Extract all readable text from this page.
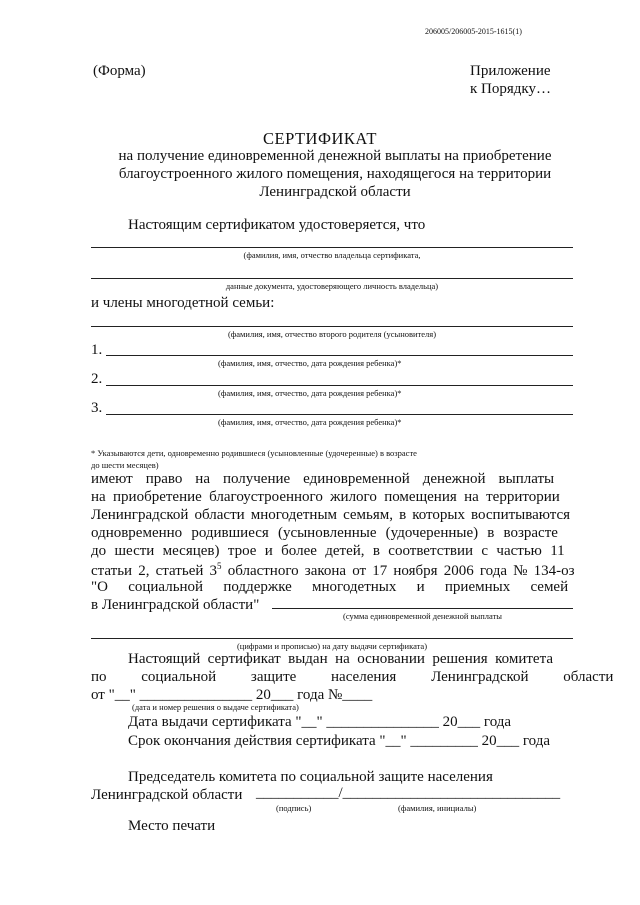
206005/206005-2015-1615(1)
(Форма)	Приложение
к Порядку…
СЕРТИФИКАТ
на получение единовременной денежной выплаты на приобретение
благоустроенного жилого помещения, находящегося на территории
Ленинградской области
Настоящим сертификатом удостоверяется, что
(фамилия, имя, отчество владельца сертификата,
данные документа, удостоверяющего личность владельца)
и члены многодетной семьи:
(фамилия, имя, отчество второго родителя (усыновителя)
1.
(фамилия, имя, отчество, дата рождения ребенка)*
2.
(фамилия, имя, отчество, дата рождения ребенка)*
3.
(фамилия, имя, отчество, дата рождения ребенка)*
* Указываются дети, одновременно родившиеся (усыновленные (удочеренные) в возрасте
до шести месяцев)
имеют право на получение единовременной денежной выплаты
на приобретение благоустроенного жилого помещения на территории
Ленинградской области многодетным семьям, в которых воспитываются
одновременно родившиеся (усыновленные (удочеренные) в возрасте
до шести месяцев) трое и более детей, в соответствии с частью 11
статьи 2, статьей $3^5$ областного закона от 17 ноября 2006 года № 134-оз
"О социальной поддержке многодетных и приемных семей
в Ленинградской области"
(сумма единовременной денежной выплаты
(цифрами и прописью) на дату выдачи сертификата)
Настоящий сертификат выдан на основании решения комитета
по социальной защите населения Ленинградской области
от "__" _______________ 20___ года №____
(дата и номер решения о выдаче сертификата)
Дата выдачи сертификата "__" _______________ 20___ года
Срок окончания действия сертификата "__" _________ 20___ года
Председатель комитета по социальной защите населения
Ленинградской области ___________/_____________________________
(подпись)	(фамилия, инициалы)
Место печати
